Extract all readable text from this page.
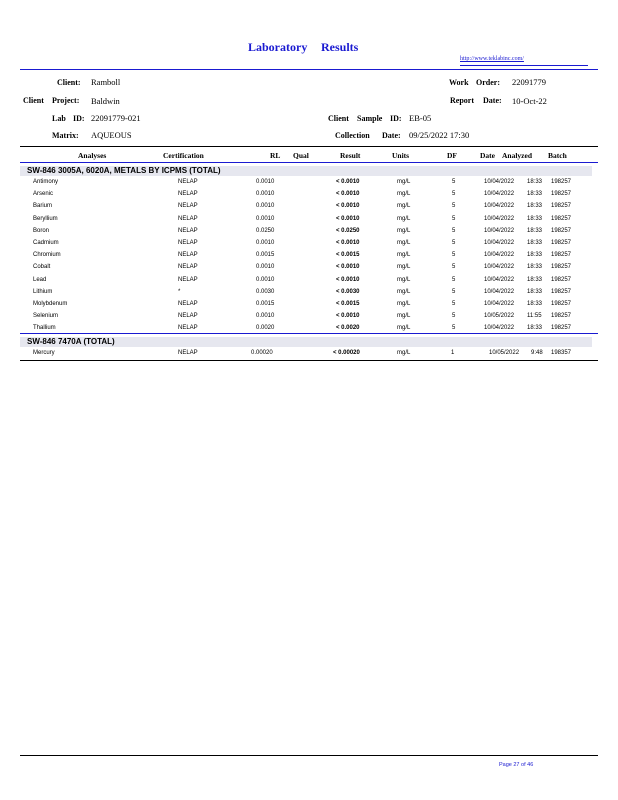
Laboratory Results
http://www.teklabinc.com/
Client: Ramboll
Client Project: Baldwin
Lab ID: 22091779-021
Matrix: AQUEOUS
Work Order: 22091779
Report Date: 10-Oct-22
Client Sample ID: EB-05
Collection Date: 09/25/2022 17:30
Analyses	Certification	RL Qual	Result	Units	DF	Date Analyzed Batch
SW-846 3005A, 6020A, METALS BY ICPMS (TOTAL)
Antimony	NELAP	0.0010	< 0.0010	mg/L	5	10/04/2022 18:33 198257
Arsenic	NELAP	0.0010	< 0.0010	mg/L	5	10/04/2022 18:33 198257
Barium	NELAP	0.0010	< 0.0010	mg/L	5	10/04/2022 18:33 198257
Beryllium	NELAP	0.0010	< 0.0010	mg/L	5	10/04/2022 18:33 198257
Boron	NELAP	0.0250	< 0.0250	mg/L	5	10/04/2022 18:33 198257
Cadmium	NELAP	0.0010	< 0.0010	mg/L	5	10/04/2022 18:33 198257
Chromium	NELAP	0.0015	< 0.0015	mg/L	5	10/04/2022 18:33 198257
Cobalt	NELAP	0.0010	< 0.0010	mg/L	5	10/04/2022 18:33 198257
Lead	NELAP	0.0010	< 0.0010	mg/L	5	10/04/2022 18:33 198257
Lithium	*	0.0030	< 0.0030	mg/L	5	10/04/2022 18:33 198257
Molybdenum	NELAP	0.0015	< 0.0015	mg/L	5	10/04/2022 18:33 198257
Selenium	NELAP	0.0010	< 0.0010	mg/L	5	10/05/2022 11:55 198257
Thallium	NELAP	0.0020	< 0.0020	mg/L	5	10/04/2022 18:33 198257
SW-846 7470A (TOTAL)
Mercury	NELAP	0.00020	< 0.00020	mg/L	1	10/05/2022 9:48 198357
Page 27 of 46
